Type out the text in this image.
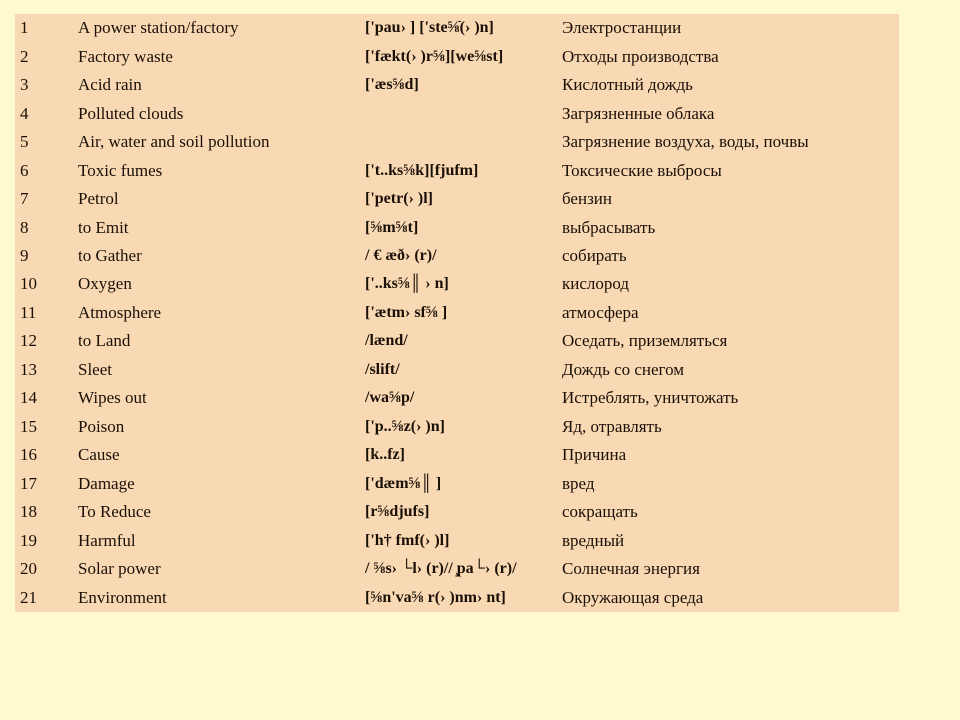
1	A power station/factory	['pau› ] ['ste⅝ֿ(› )n]	Электростанции
2	Factory waste	['fækt(› )r⅝][we⅝st]	Отходы производства
3	Acid rain	['æs⅝d]	Кислотный дождь
4	Polluted clouds		Загрязненные облака
5	Air, water and soil pollution		Загрязнение воздуха, воды, почвы
6	Toxic fumes	['t..ks⅝k][fjufm]	Токсические выбросы
7	Petrol	['petr(› )l]	бензин
8	to Emit	[⅝m⅝t]	выбрасывать
9	to Gather	/ € æð› (r)/	собирать
10	Oxygen	['..ks⅝║ › n]	кислород
11	Atmosphere	['ætm› sf⅝ ]	атмосфера
12	to Land	/lænd/	Оседать, приземляться
13	Sleet	/slift/	Дождь со снегом
14	Wipes out	/wa⅝p/	Истреблять, уничтожать
15	Poison	['p..⅝z(› )n]	Яд, отравлять
16	Cause	[k..fz]	Причина
17	Damage	['dæm⅝║ ]	вред
18	To Reduce	[r⅝djufs]	сокращать
19	Harmful	['h† fmf(› )l]	вредный
20	Solar power	/ ⅝s› └l› (r)// ̧pa└› (r)/	Солнечная энергия
21	Environment	[⅝n'va⅝ r(› )nm› nt]	Окружающая среда
